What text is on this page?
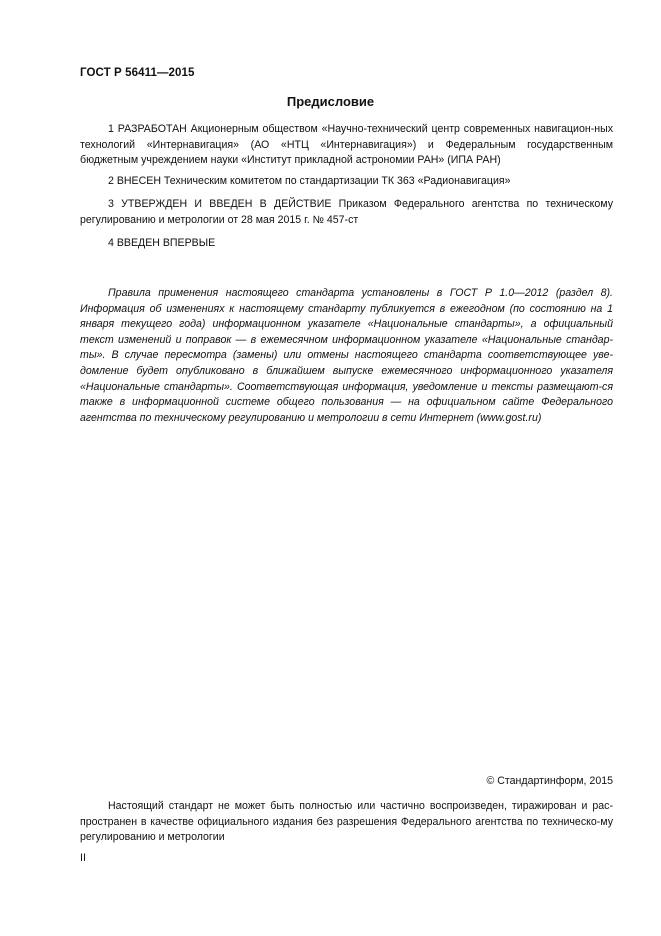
ГОСТ Р 56411—2015
Предисловие
1 РАЗРАБОТАН Акционерным обществом «Научно-технический центр современных навигацион-ных технологий «Интернавигация» (АО «НТЦ «Интернавигация») и Федеральным государственным бюджетным учреждением науки «Институт прикладной астрономии РАН» (ИПА РАН)
2 ВНЕСЕН Техническим комитетом по стандартизации ТК 363 «Радионавигация»
3 УТВЕРЖДЕН И ВВЕДЕН В ДЕЙСТВИЕ Приказом Федерального агентства по техническому регулированию и метрологии от 28 мая 2015 г. № 457-ст
4 ВВЕДЕН ВПЕРВЫЕ
Правила применения настоящего стандарта установлены в ГОСТ Р 1.0—2012 (раздел 8). Информация об изменениях к настоящему стандарту публикуется в ежегодном (по состоянию на 1 января текущего года) информационном указателе «Национальные стандарты», а официальный текст изменений и поправок — в ежемесячном информационном указателе «Национальные стандар-ты». В случае пересмотра (замены) или отмены настоящего стандарта соответствующее уве-домление будет опубликовано в ближайшем выпуске ежемесячного информационного указателя «Национальные стандарты». Соответствующая информация, уведомление и тексты размещают-ся также в информационной системе общего пользования — на официальном сайте Федерального агентства по техническому регулированию и метрологии в сети Интернет (www.gost.ru)
© Стандартинформ, 2015
Настоящий стандарт не может быть полностью или частично воспроизведен, тиражирован и рас-пространен в качестве официального издания без разрешения Федерального агентства по техническо-му регулированию и метрологии
II
